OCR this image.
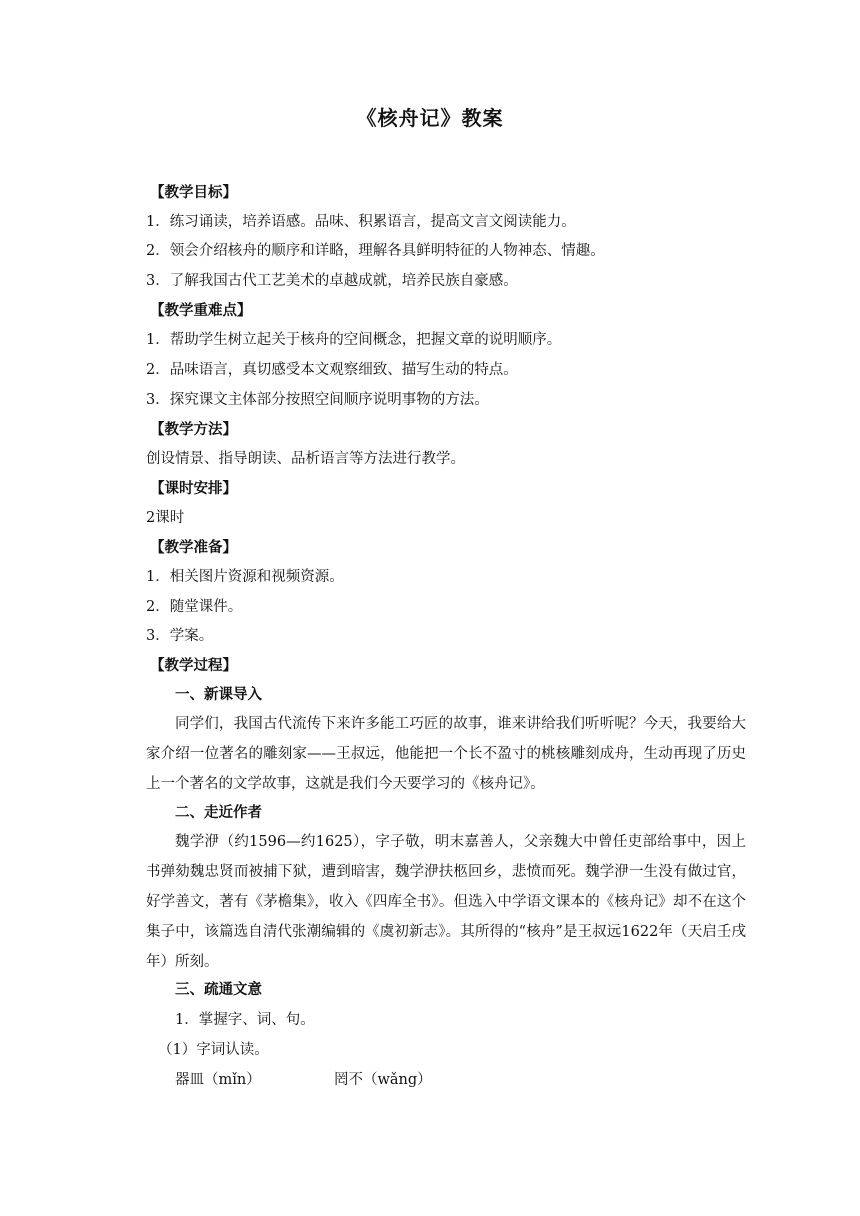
《核舟记》教案
【教学目标】
1．练习诵读，培养语感。品味、积累语言，提高文言文阅读能力。
2．领会介绍核舟的顺序和详略，理解各具鲜明特征的人物神态、情趣。
3．了解我国古代工艺美术的卓越成就，培养民族自豪感。
【教学重难点】
1．帮助学生树立起关于核舟的空间概念，把握文章的说明顺序。
2．品味语言，真切感受本文观察细致、描写生动的特点。
3．探究课文主体部分按照空间顺序说明事物的方法。
【教学方法】
创设情景、指导朗读、品析语言等方法进行教学。
【课时安排】
2课时
【教学准备】
1．相关图片资源和视频资源。
2．随堂课件。
3．学案。
【教学过程】
一、新课导入
同学们，我国古代流传下来许多能工巧匠的故事，谁来讲给我们听听呢？今天，我要给大家介绍一位著名的雕刻家——王叔远，他能把一个长不盈寸的桃核雕刻成舟，生动再现了历史上一个著名的文学故事，这就是我们今天要学习的《核舟记》。
二、走近作者
魏学洢（约1596—约1625），字子敬，明末嘉善人，父亲魏大中曾任吏部给事中，因上书弹劾魏忠贤而被捕下狱，遭到暗害，魏学洢扶柩回乡，悲愤而死。魏学洢一生没有做过官，好学善文，著有《茅檐集》，收入《四库全书》。但选入中学语文课本的《核舟记》却不在这个集子中，该篇选自清代张潮编辑的《虞初新志》。其所得的“核舟”是王叔远1622年（天启壬戌年）所刻。
三、疏通文意
1．掌握字、词、句。
（1）字词认读。
器皿（mǐn）	罔不（wǎng）
